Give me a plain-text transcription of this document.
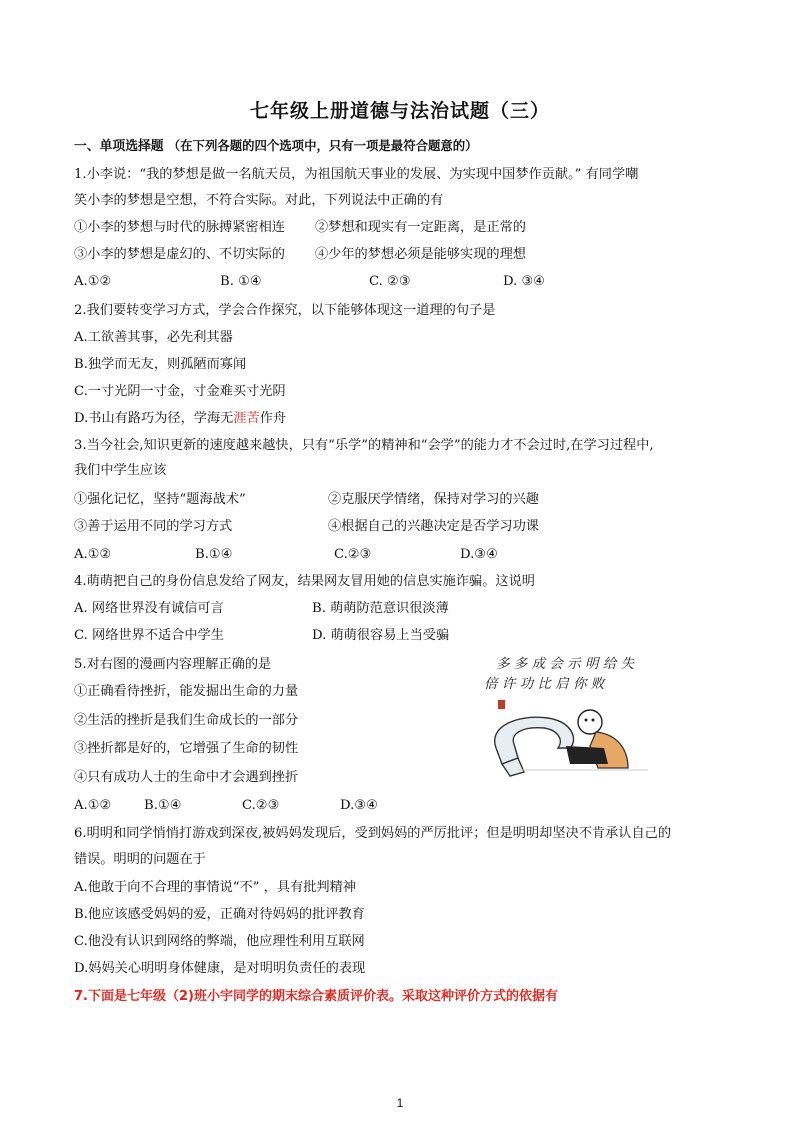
七年级上册道德与法治试题（三）
一、单项选择题 （在下列各题的四个选项中，只有一项是最符合题意的）
1.小李说：“我的梦想是做一名航天员，为祖国航天事业的发展、为实现中国梦作贡献。” 有同学嘲
笑小李的梦想是空想，不符合实际。对此，下列说法中正确的有
①小李的梦想与时代的脉搏紧密相连 ②梦想和现实有一定距离，是正常的
③小李的梦想是虚幻的、不切实际的 ④少年的梦想必须是能够实现的理想
A.①②	B. ①④	C. ②③	D. ③④
2.我们要转变学习方式，学会合作探究，以下能够体现这一道理的句子是
A.工欲善其事，必先利其器
B.独学而无友，则孤陋而寡闻
C.一寸光阴一寸金，寸金难买寸光阴
D.书山有路巧为径，学海无涯苦作舟
3.当今社会,知识更新的速度越来越快，只有“乐学”的精神和“会学”的能力才不会过时,在学习过程中,
我们中学生应该
①强化记忆，坚持“题海战术”	②克服厌学情绪，保持对学习的兴趣
③善于运用不同的学习方式	④根据自己的兴趣决定是否学习功课
A.①②	B.①④	C.②③	D.③④
4.萌萌把自己的身份信息发给了网友，结果网友冒用她的信息实施诈骗。这说明
A. 网络世界没有诚信可言	B. 萌萌防范意识很淡薄
C. 网络世界不适合中学生	D. 萌萌很容易上当受骗
5.对右图的漫画内容理解正确的是
①正确看待挫折，能发掘出生命的力量
②生活的挫折是我们生命成长的一部分
③挫折都是好的，它增强了生命的韧性
④只有成功人士的生命中才会遇到挫折
A.①② B.①④	C.②③	D.③④
多 多 成 会 示 明 给 失
倍 许 功 比 启 你 败
6.明明和同学悄悄打游戏到深夜,被妈妈发现后，受到妈妈的严厉批评；但是明明却坚决不肯承认自己的
错误。明明的问题在于
A.他敢于向不合理的事情说“不” ，具有批判精神
B.他应该感受妈妈的爱，正确对待妈妈的批评教育
C.他没有认识到网络的弊端，他应理性利用互联网
D.妈妈关心明明身体健康，是对明明负责任的表现
7.下面是七年级（2)班小宇同学的期末综合素质评价表。采取这种评价方式的依据有
1
